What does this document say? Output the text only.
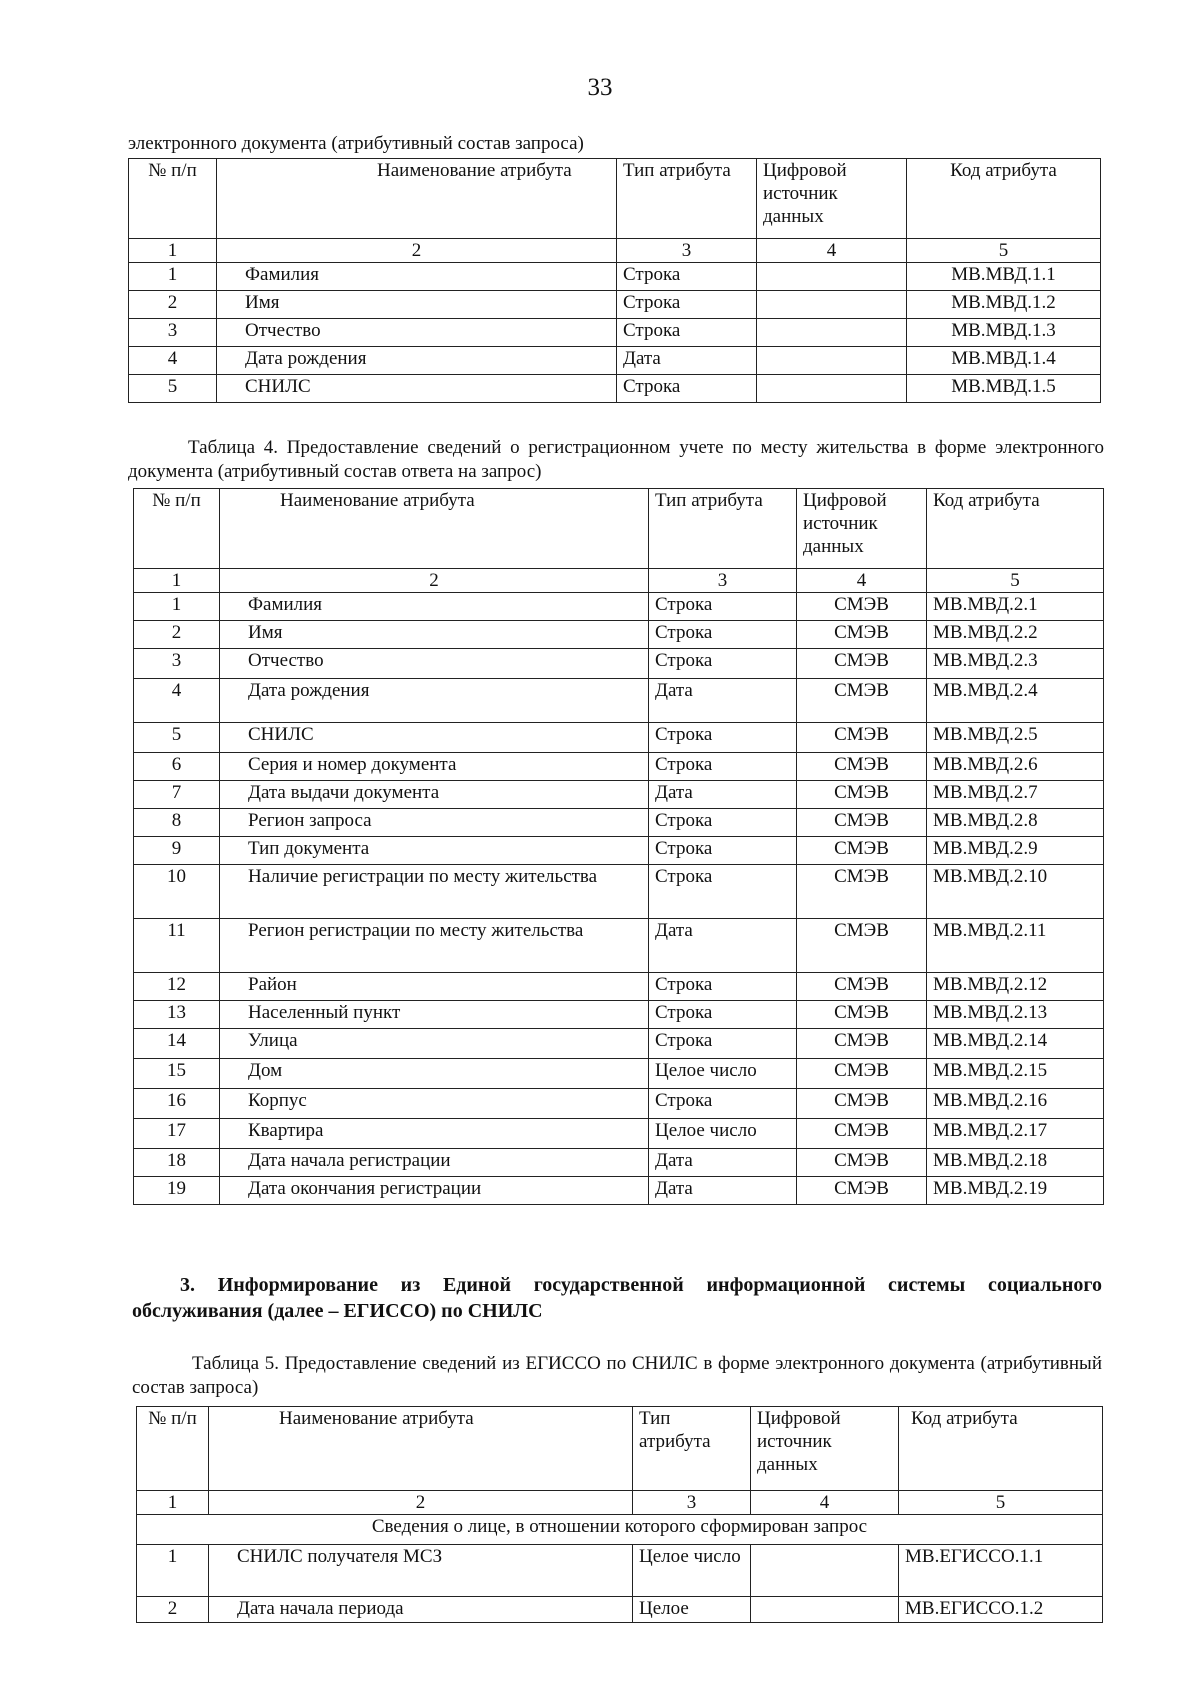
33
электронного документа (атрибутивный состав запроса)
№ п/п	Наименование атрибута	Тип атрибута	Цифровой источник данных	Код атрибута
1	2	3	4	5
1	Фамилия	Строка		МВ.МВД.1.1
2	Имя	Строка		МВ.МВД.1.2
3	Отчество	Строка		МВ.МВД.1.3
4	Дата рождения	Дата		МВ.МВД.1.4
5	СНИЛС	Строка		МВ.МВД.1.5
Таблица 4. Предоставление сведений о регистрационном учете по месту жительства в форме электронного документа (атрибутивный состав ответа на запрос)
№ п/п	Наименование атрибута	Тип атрибута	Цифровой источник данных	Код атрибута
1	2	3	4	5
1	Фамилия	Строка	СМЭВ	МВ.МВД.2.1
2	Имя	Строка	СМЭВ	МВ.МВД.2.2
3	Отчество	Строка	СМЭВ	МВ.МВД.2.3
4	Дата рождения	Дата	СМЭВ	МВ.МВД.2.4
5	СНИЛС	Строка	СМЭВ	МВ.МВД.2.5
6	Серия и номер документа	Строка	СМЭВ	МВ.МВД.2.6
7	Дата выдачи документа	Дата	СМЭВ	МВ.МВД.2.7
8	Регион запроса	Строка	СМЭВ	МВ.МВД.2.8
9	Тип документа	Строка	СМЭВ	МВ.МВД.2.9
10	Наличие регистрации по месту жительства	Строка	СМЭВ	МВ.МВД.2.10
11	Регион регистрации по месту жительства	Дата	СМЭВ	МВ.МВД.2.11
12	Район	Строка	СМЭВ	МВ.МВД.2.12
13	Населенный пункт	Строка	СМЭВ	МВ.МВД.2.13
14	Улица	Строка	СМЭВ	МВ.МВД.2.14
15	Дом	Целое число	СМЭВ	МВ.МВД.2.15
16	Корпус	Строка	СМЭВ	МВ.МВД.2.16
17	Квартира	Целое число	СМЭВ	МВ.МВД.2.17
18	Дата начала регистрации	Дата	СМЭВ	МВ.МВД.2.18
19	Дата окончания регистрации	Дата	СМЭВ	МВ.МВД.2.19
3. Информирование из Единой государственной информационной системы социального обслуживания (далее – ЕГИССО) по СНИЛС
Таблица 5. Предоставление сведений из ЕГИССО по СНИЛС в форме электронного документа (атрибутивный состав запроса)
№ п/п	Наименование атрибута	Тип атрибута	Цифровой источник данных	Код атрибута
1	2	3	4	5
Сведения о лице, в отношении которого сформирован запрос				
1	СНИЛС получателя МСЗ	Целое число		МВ.ЕГИССО.1.1
2	Дата начала периода	Целое		МВ.ЕГИССО.1.2
